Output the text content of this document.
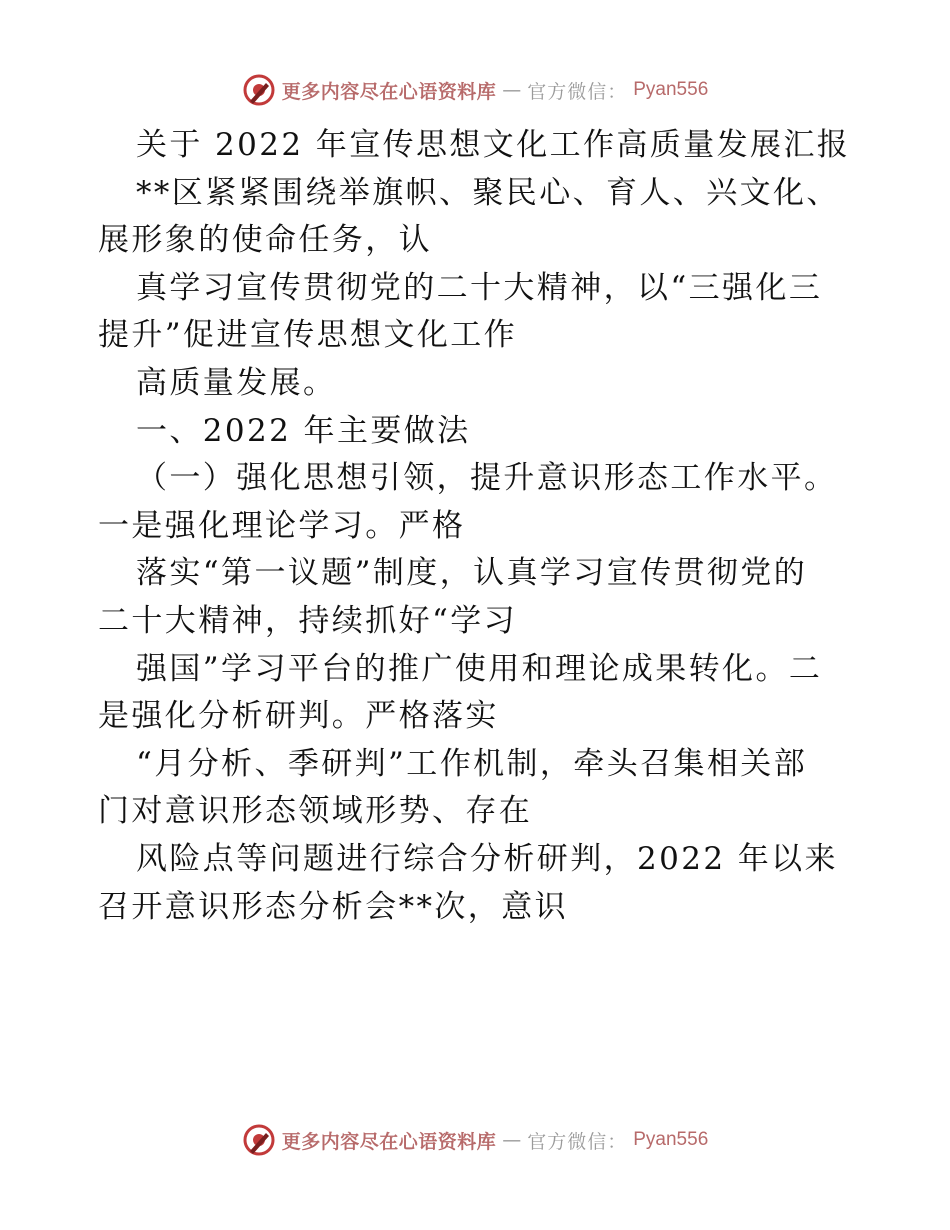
更多内容尽在心语资料库 — 官方微信： Pyan556
关于 2022 年宣传思想文化工作高质量发展汇报
**区紧紧围绕举旗帜、聚民心、育人、兴文化、
展形象的使命任务，认
真学习宣传贯彻党的二十大精神，以“三强化三
提升”促进宣传思想文化工作
高质量发展。
一、2022 年主要做法
（一）强化思想引领，提升意识形态工作水平。
一是强化理论学习。严格
落实“第一议题”制度，认真学习宣传贯彻党的
二十大精神，持续抓好“学习
强国”学习平台的推广使用和理论成果转化。二
是强化分析研判。严格落实
“月分析、季研判”工作机制，牵头召集相关部
门对意识形态领域形势、存在
风险点等问题进行综合分析研判，2022 年以来
召开意识形态分析会**次，意识
更多内容尽在心语资料库 — 官方微信： Pyan556
